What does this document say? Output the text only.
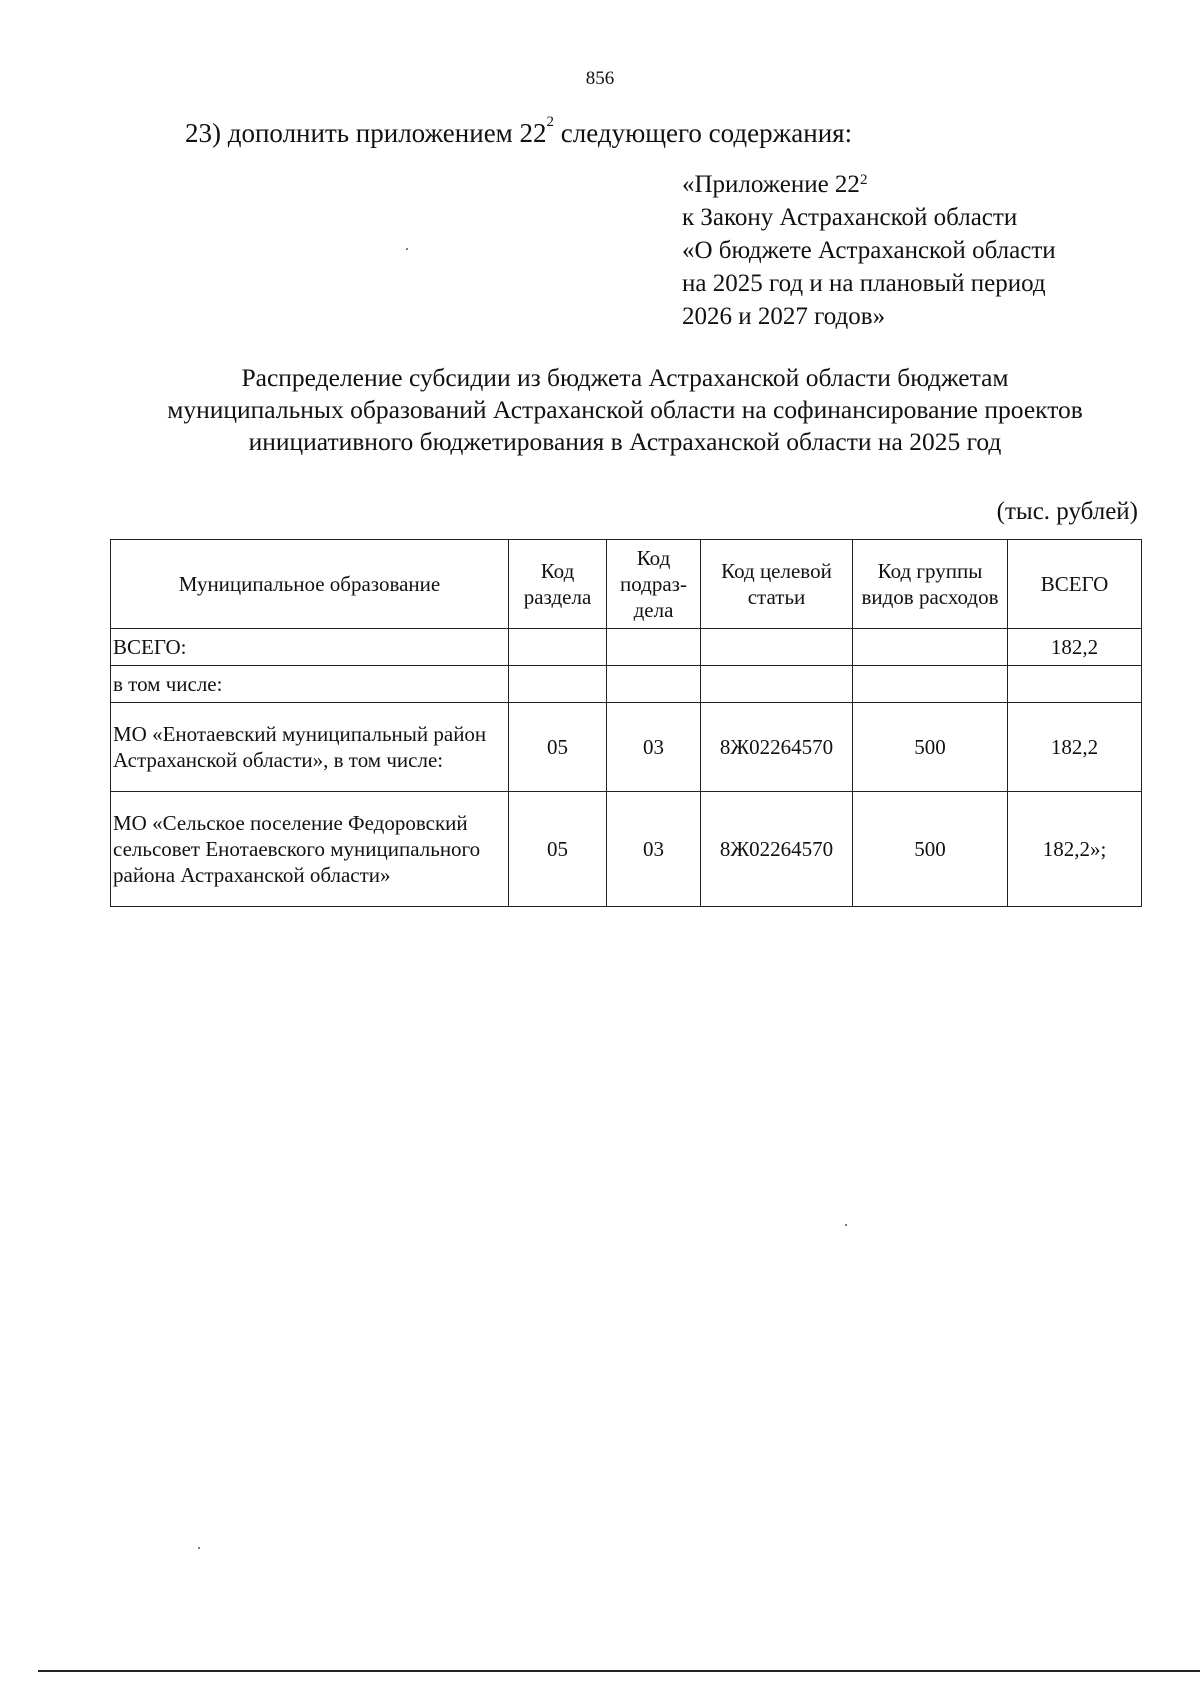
856
23) дополнить приложением $22^2$ следующего содержания:
«Приложение $22^2$
к Закону Астраханской области
«О бюджете Астраханской области
на 2025 год и на плановый период
2026 и 2027 годов»
Распределение субсидии из бюджета Астраханской области бюджетам
муниципальных образований Астраханской области на софинансирование проектов
инициативного бюджетирования в Астраханской области на 2025 год
(тыс. рублей)
Муниципальное образование	Код раздела	Код подраз-дела	Код целевой статьи	Код группы видов расходов	ВСЕГО
ВСЕГО:					182,2
в том числе:					
МО «Енотаевский муниципальный район Астраханской области», в том числе:	05	03	8Ж02264570	500	182,2
МО «Сельское поселение Федоровский сельсовет Енотаевского муниципального района Астраханской области»	05	03	8Ж02264570	500	182,2»;
